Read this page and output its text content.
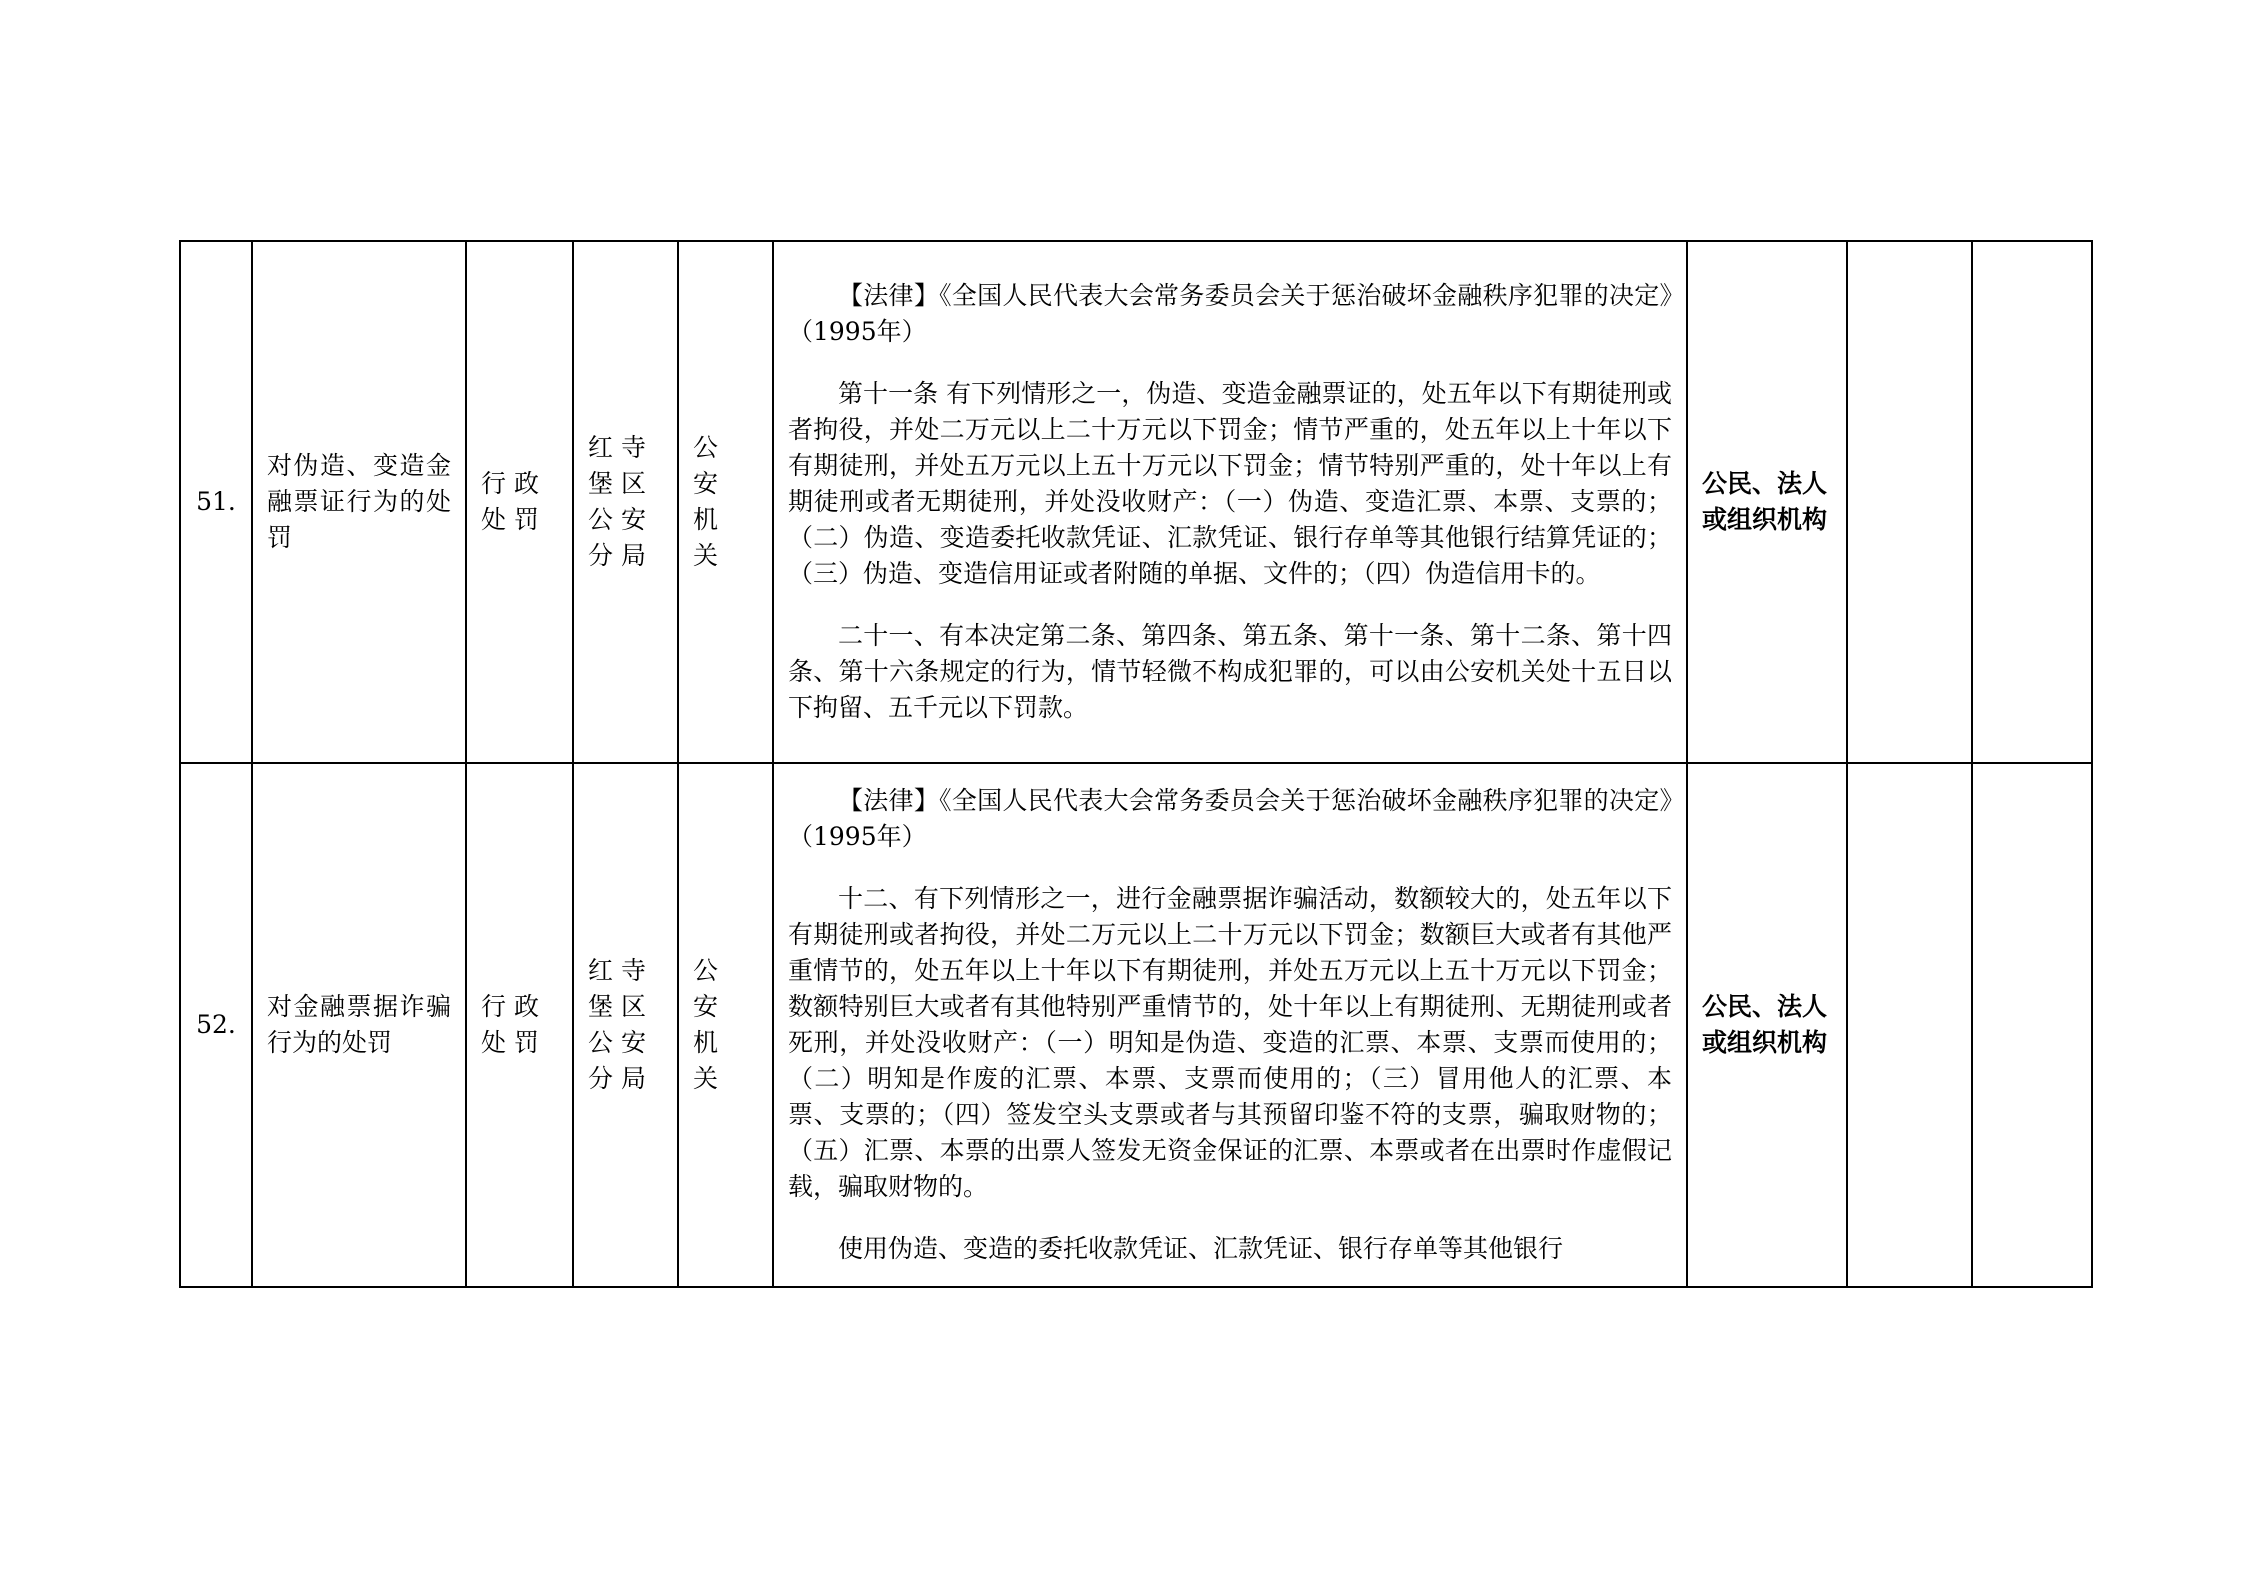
51.	对伪造、变造金融票证行为的处罚	行政处罚	红寺堡区公安分局	公安机关	【法律】《全国人民代表大会常务委员会关于惩治破坏金融秩序犯罪的决定》（1995年）

第十一条 有下列情形之一，伪造、变造金融票证的，处五年以下有期徒刑或者拘役，并处二万元以上二十万元以下罚金；情节严重的，处五年以上十年以下有期徒刑，并处五万元以上五十万元以下罚金；情节特别严重的，处十年以上有期徒刑或者无期徒刑，并处没收财产：（一）伪造、变造汇票、本票、支票的；（二）伪造、变造委托收款凭证、汇款凭证、银行存单等其他银行结算凭证的；（三）伪造、变造信用证或者附随的单据、文件的；（四）伪造信用卡的。

二十一、有本决定第二条、第四条、第五条、第十一条、第十二条、第十四条、第十六条规定的行为，情节轻微不构成犯罪的，可以由公安机关处十五日以下拘留、五千元以下罚款。	公民、法人或组织机构		
52.	对金融票据诈骗行为的处罚	行政处罚	红寺堡区公安分局	公安机关	【法律】《全国人民代表大会常务委员会关于惩治破坏金融秩序犯罪的决定》（1995年）

十二、有下列情形之一，进行金融票据诈骗活动，数额较大的，处五年以下有期徒刑或者拘役，并处二万元以上二十万元以下罚金；数额巨大或者有其他严重情节的，处五年以上十年以下有期徒刑，并处五万元以上五十万元以下罚金；数额特别巨大或者有其他特别严重情节的，处十年以上有期徒刑、无期徒刑或者死刑，并处没收财产：（一）明知是伪造、变造的汇票、本票、支票而使用的；（二）明知是作废的汇票、本票、支票而使用的；（三）冒用他人的汇票、本票、支票的；（四）签发空头支票或者与其预留印鉴不符的支票，骗取财物的；（五）汇票、本票的出票人签发无资金保证的汇票、本票或者在出票时作虚假记载，骗取财物的。

使用伪造、变造的委托收款凭证、汇款凭证、银行存单等其他银行	公民、法人或组织机构		
